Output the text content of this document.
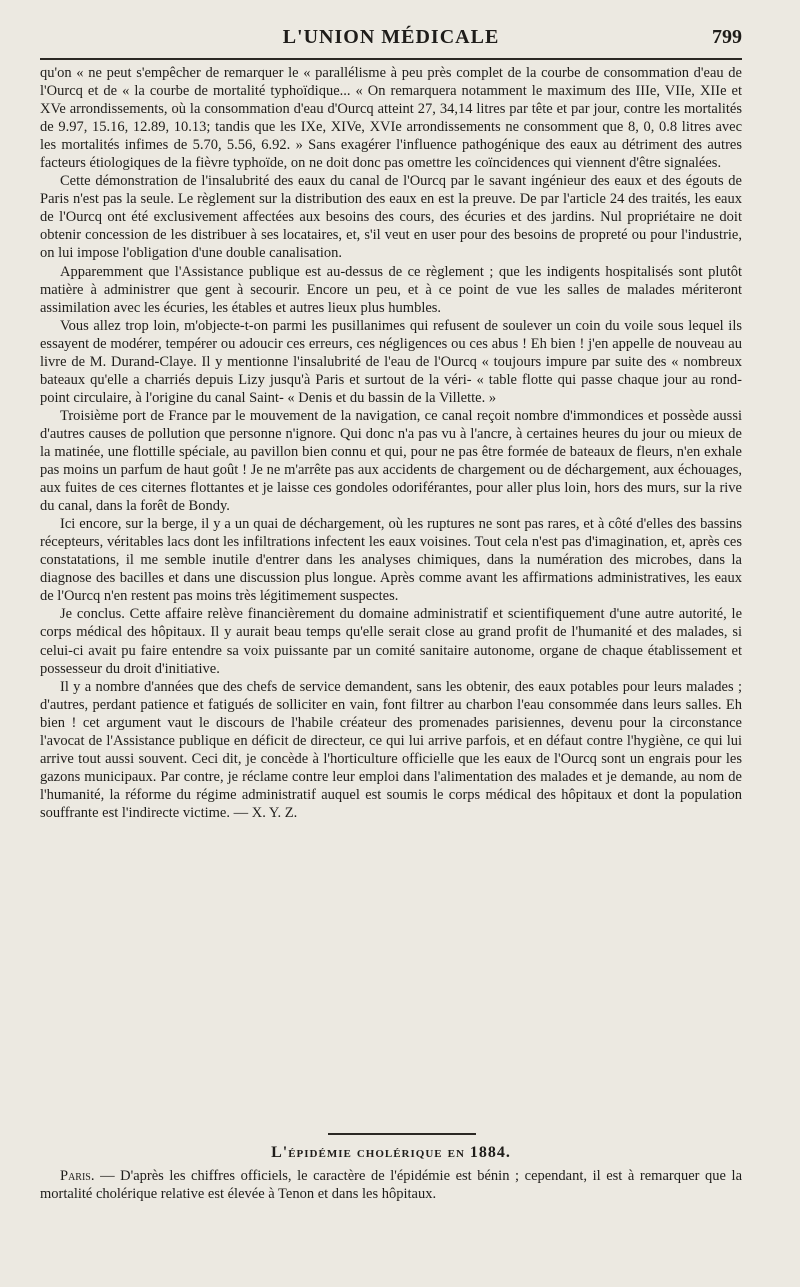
L'UNION MÉDICALE	799

qu'on « ne peut s'empêcher de remarquer le « parallélisme à peu près complet de la courbe de consommation d'eau de l'Ourcq et de « la courbe de mortalité typhoïdique... « On remarquera notamment le maximum des IIIe, VIIe, XIIe et XVe arrondissements, où la consommation d'eau d'Ourcq atteint 27, 34,14 litres par tête et par jour, contre les mortalités de 9.97, 15.16, 12.89, 10.13; tandis que les IXe, XIVe, XVIe arrondissements ne consomment que 8, 0, 0.8 litres avec les mortalités infimes de 5.70, 5.56, 6.92. » Sans exagérer l'influence pathogénique des eaux au détriment des autres facteurs étiologiques de la fièvre typhoïde, on ne doit donc pas omettre les coïncidences qui viennent d'être signalées.

Cette démonstration de l'insalubrité des eaux du canal de l'Ourcq par le savant ingénieur des eaux et des égouts de Paris n'est pas la seule. Le règlement sur la distribution des eaux en est la preuve. De par l'article 24 des traités, les eaux de l'Ourcq ont été exclusivement affectées aux besoins des cours, des écuries et des jardins. Nul propriétaire ne doit obtenir concession de les distribuer à ses locataires, et, s'il veut en user pour des besoins de propreté ou pour l'industrie, on lui impose l'obligation d'une double canalisation.

Apparemment que l'Assistance publique est au-dessus de ce règlement ; que les indigents hospitalisés sont plutôt matière à administrer que gent à secourir. Encore un peu, et à ce point de vue les salles de malades mériteront assimilation avec les écuries, les étables et autres lieux plus humbles.

Vous allez trop loin, m'objecte-t-on parmi les pusillanimes qui refusent de soulever un coin du voile sous lequel ils essayent de modérer, tempérer ou adoucir ces erreurs, ces négligences ou ces abus ! Eh bien ! j'en appelle de nouveau au livre de M. Durand-Claye. Il y mentionne l'insalubrité de l'eau de l'Ourcq « toujours impure par suite des « nombreux bateaux qu'elle a charriés depuis Lizy jusqu'à Paris et surtout de la véri- « table flotte qui passe chaque jour au rond-point circulaire, à l'origine du canal Saint- « Denis et du bassin de la Villette. »

Troisième port de France par le mouvement de la navigation, ce canal reçoit nombre d'immondices et possède aussi d'autres causes de pollution que personne n'ignore. Qui donc n'a pas vu à l'ancre, à certaines heures du jour ou mieux de la matinée, une flottille spéciale, au pavillon bien connu et qui, pour ne pas être formée de bateaux de fleurs, n'en exhale pas moins un parfum de haut goût ! Je ne m'arrête pas aux accidents de chargement ou de déchargement, aux échouages, aux fuites de ces citernes flottantes et je laisse ces gondoles odoriférantes, pour aller plus loin, hors des murs, sur la rive du canal, dans la forêt de Bondy.

Ici encore, sur la berge, il y a un quai de déchargement, où les ruptures ne sont pas rares, et à côté d'elles des bassins récepteurs, véritables lacs dont les infiltrations infectent les eaux voisines. Tout cela n'est pas d'imagination, et, après ces constatations, il me semble inutile d'entrer dans les analyses chimiques, dans la numération des microbes, dans la diagnose des bacilles et dans une discussion plus longue. Après comme avant les affirmations administratives, les eaux de l'Ourcq n'en restent pas moins très légitimement suspectes.

Je conclus. Cette affaire relève financièrement du domaine administratif et scientifiquement d'une autre autorité, le corps médical des hôpitaux. Il y aurait beau temps qu'elle serait close au grand profit de l'humanité et des malades, si celui-ci avait pu faire entendre sa voix puissante par un comité sanitaire autonome, organe de chaque établissement et possesseur du droit d'initiative.

Il y a nombre d'années que des chefs de service demandent, sans les obtenir, des eaux potables pour leurs malades ; d'autres, perdant patience et fatigués de solliciter en vain, font filtrer au charbon l'eau consommée dans leurs salles. Eh bien ! cet argument vaut le discours de l'habile créateur des promenades parisiennes, devenu pour la circonstance l'avocat de l'Assistance publique en déficit de directeur, ce qui lui arrive parfois, et en défaut contre l'hygiène, ce qui lui arrive tout aussi souvent. Ceci dit, je concède à l'horticulture officielle que les eaux de l'Ourcq sont un engrais pour les gazons municipaux. Par contre, je réclame contre leur emploi dans l'alimentation des malades et je demande, au nom de l'humanité, la réforme du régime administratif auquel est soumis le corps médical des hôpitaux et dont la population souffrante est l'indirecte victime. — X. Y. Z.

L'épidémie cholérique en 1884.

Paris. — D'après les chiffres officiels, le caractère de l'épidémie est bénin ; cependant, il est à remarquer que la mortalité cholérique relative est élevée à Tenon et dans les hôpitaux.
